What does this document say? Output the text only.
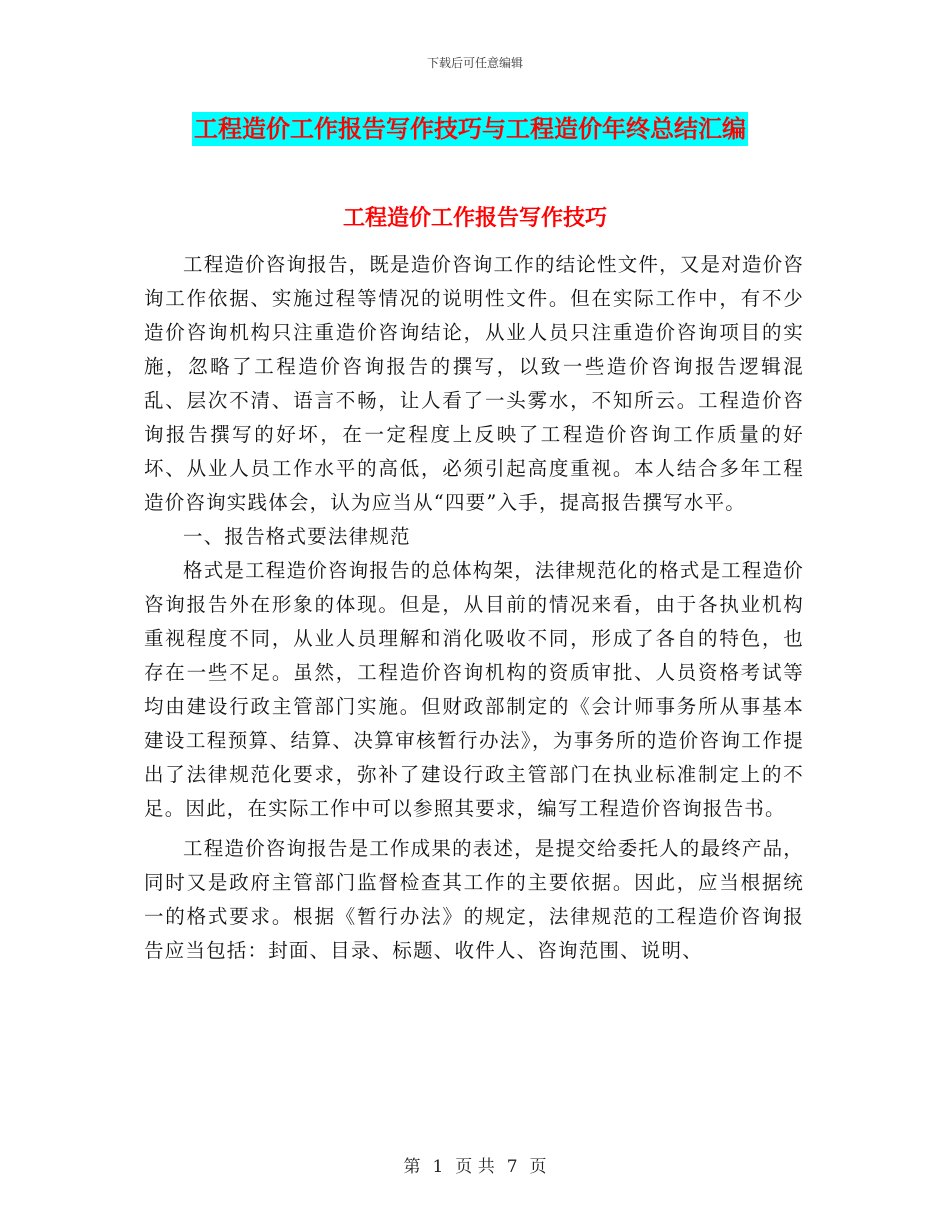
下载后可任意编辑
工程造价工作报告写作技巧与工程造价年终总结汇编
工程造价工作报告写作技巧

工程造价咨询报告，既是造价咨询工作的结论性文件，又是对造价咨询工作依据、实施过程等情况的说明性文件。但在实际工作中，有不少造价咨询机构只注重造价咨询结论，从业人员只注重造价咨询项目的实施，忽略了工程造价咨询报告的撰写，以致一些造价咨询报告逻辑混乱、层次不清、语言不畅，让人看了一头雾水，不知所云。工程造价咨询报告撰写的好坏，在一定程度上反映了工程造价咨询工作质量的好坏、从业人员工作水平的高低，必须引起高度重视。本人结合多年工程造价咨询实践体会，认为应当从“四要”入手，提高报告撰写水平。

一、报告格式要法律规范

格式是工程造价咨询报告的总体构架，法律规范化的格式是工程造价咨询报告外在形象的体现。但是，从目前的情况来看，由于各执业机构重视程度不同，从业人员理解和消化吸收不同，形成了各自的特色，也存在一些不足。虽然，工程造价咨询机构的资质审批、人员资格考试等均由建设行政主管部门实施。但财政部制定的《会计师事务所从事基本建设工程预算、结算、决算审核暂行办法》，为事务所的造价咨询工作提出了法律规范化要求，弥补了建设行政主管部门在执业标准制定上的不足。因此，在实际工作中可以参照其要求，编写工程造价咨询报告书。

工程造价咨询报告是工作成果的表述，是提交给委托人的最终产品，同时又是政府主管部门监督检查其工作的主要依据。因此，应当根据统一的格式要求。根据《暂行办法》的规定，法律规范的工程造价咨询报告应当包括：封面、目录、标题、收件人、咨询范围、说明、

第 1 页 共 7 页
